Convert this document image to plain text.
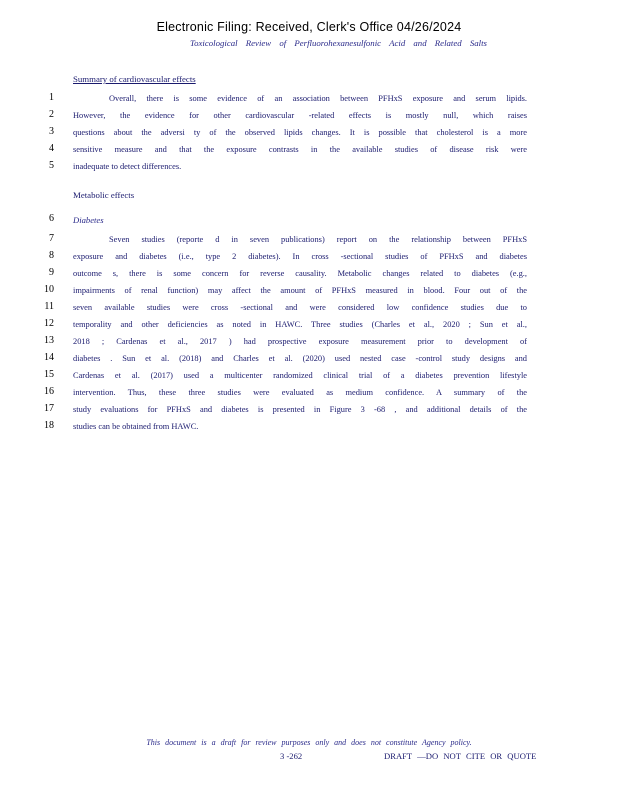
Electronic Filing: Received, Clerk's Office 04/26/2024
Toxicological Review of Perfluorohexanesulfonic Acid and Related Salts
Summary of cardiovascular effects
1	Overall, there is some evidence of an association between PFHxS exposure and serum lipids.
2 However, the evidence for other cardiovascular -related effects is mostly null, which raises
3 questions about the adversi ty of the observed lipids changes. It is possible that cholesterol is a more
4 sensitive measure and that the exposure contrasts in the available studies of disease risk were
5 inadequate to detect differences.
Metabolic effects
6 Diabetes
7	Seven studies (reporte d in seven publications) report on the relationship between PFHxS
8 exposure and diabetes (i.e., type 2 diabetes). In cross -sectional studies of PFHxS and diabetes
9 outcome s, there is some concern for reverse causality. Metabolic changes related to diabetes (e.g.,
10 impairments of renal function) may affect the amount of PFHxS measured in blood. Four out of the
11 seven available studies were cross -sectional and were considered low confidence studies due to
12 temporality and other deficiencies as noted in HAWC. Three studies (Charles et al., 2020 ; Sun et al.,
13 2018 ; Cardenas et al., 2017 ) had prospective exposure measurement prior to development of
14 diabetes . Sun et al. (2018) and Charles et al. (2020) used nested case -control study designs and
15 Cardenas et al. (2017) used a multicenter randomized clinical trial of a diabetes prevention lifestyle
16 intervention. Thus, these three studies were evaluated as medium confidence. A summary of the
17 study evaluations for PFHxS and diabetes is presented in Figure 3 -68 , and additional details of the
18 studies can be obtained from HAWC.
This document is a draft for review purposes only and does not constitute Agency policy.
3 -262	DRAFT —DO NOT CITE OR QUOTE
